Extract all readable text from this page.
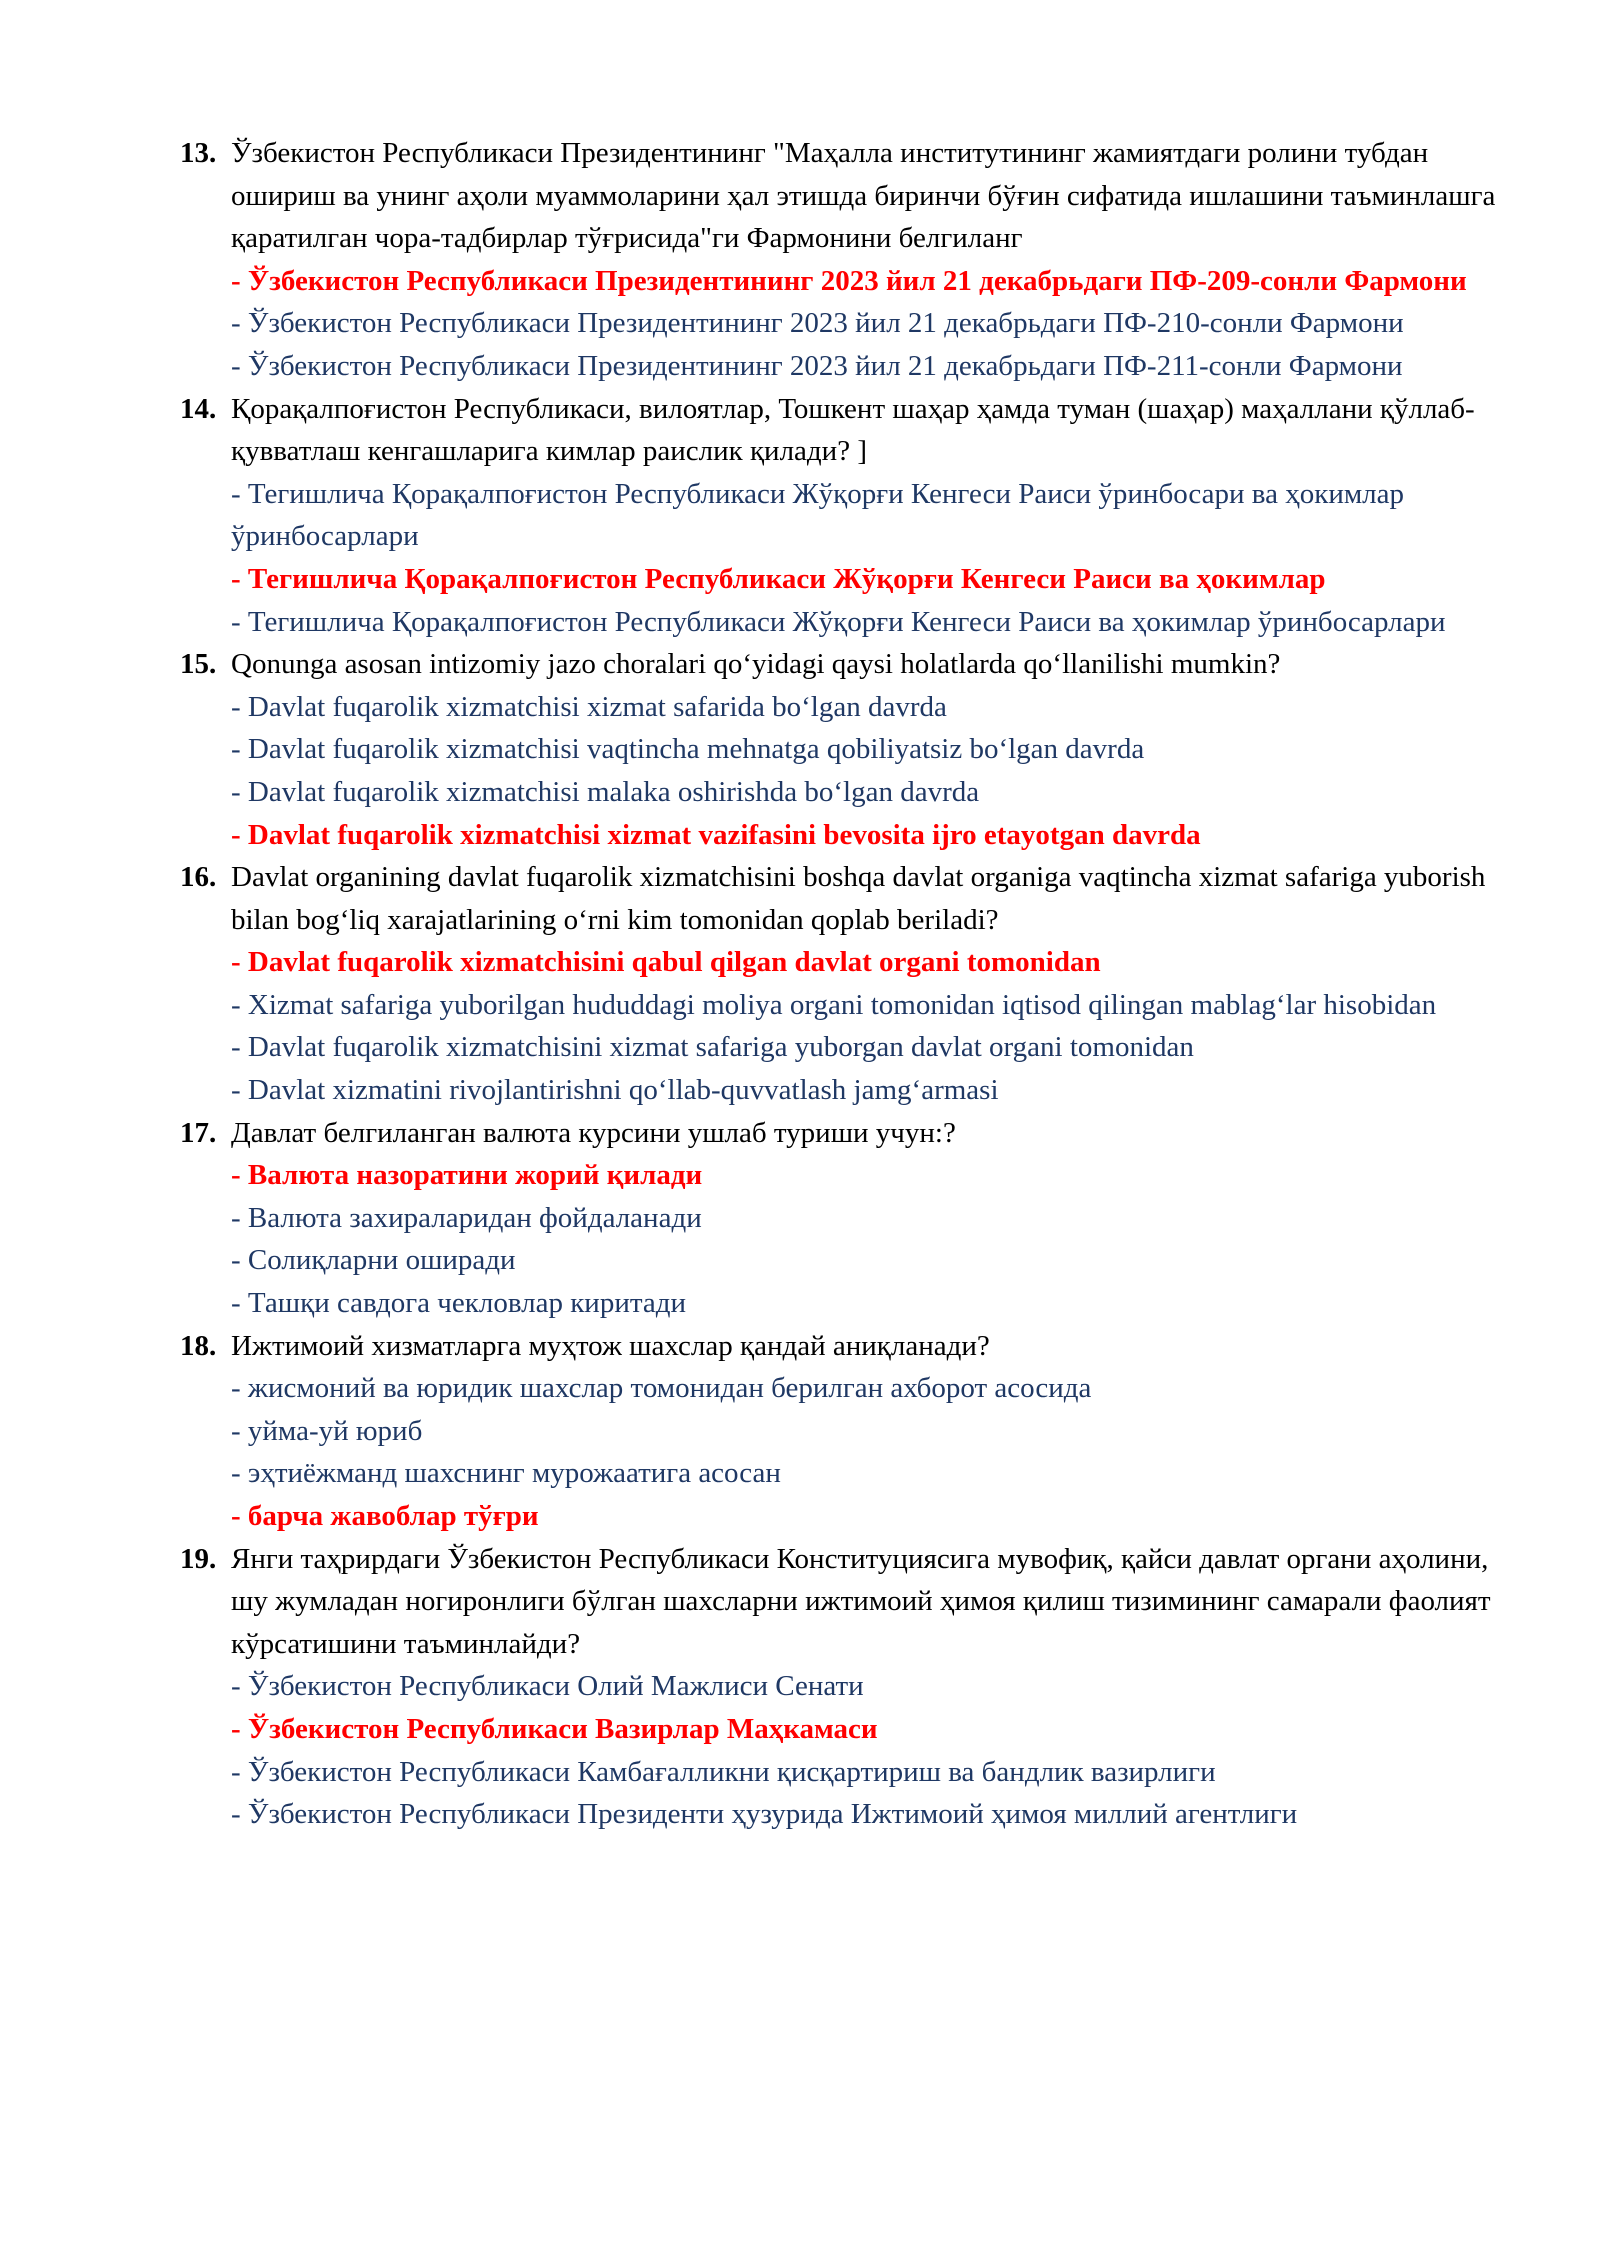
13. Ўзбекистон Республикаси Президентининг "Маҳалла институтининг жамиятдаги ролини тубдан ошириш ва унинг аҳоли муаммоларини ҳал этишда биринчи бўғин сифатида ишлашини таъминлашга қаратилган чора-тадбирлар тўғрисида"ги Фармонини белгиланг
- Ўзбекистон Республикаси Президентининг 2023 йил 21 декабрьдаги ПФ-209-сонли Фармони
- Ўзбекистон Республикаси Президентининг 2023 йил 21 декабрьдаги ПФ-210-сонли Фармони
- Ўзбекистон Республикаси Президентининг 2023 йил 21 декабрьдаги ПФ-211-сонли Фармони
14. Қорақалпоғистон Республикаси, вилоятлар, Тошкент шаҳар ҳамда туман (шаҳар) маҳаллани қўллаб-қувватлаш кенгашларига кимлар раислик қилади? ]
- Тегишлича Қорақалпоғистон Республикаси Жўқорғи Кенгеси Раиси ўринбосари ва ҳокимлар ўринбосарлари
- Тегишлича Қорақалпоғистон Республикаси Жўқорғи Кенгеси Раиси ва ҳокимлар
- Тегишлича Қорақалпоғистон Республикаси Жўқорғи Кенгеси Раиси ва ҳокимлар ўринбосарлари
15. Qonunga asosan intizomiy jazo choralari qoʻyidagi qaysi holatlarda qoʻllanilishi mumkin?
- Davlat fuqarolik xizmatchisi xizmat safarida boʻlgan davrda
- Davlat fuqarolik xizmatchisi vaqtincha mehnatga qobiliyatsiz boʻlgan davrda
- Davlat fuqarolik xizmatchisi malaka oshirishda boʻlgan davrda
- Davlat fuqarolik xizmatchisi xizmat vazifasini bevosita ijro etayotgan davrda
16. Davlat organining davlat fuqarolik xizmatchisini boshqa davlat organiga vaqtincha xizmat safariga yuborish bilan bogʻliq xarajatlarining oʻrni kim tomonidan qoplab beriladi?
- Davlat fuqarolik xizmatchisini qabul qilgan davlat organi tomonidan
- Xizmat safariga yuborilgan hududdagi moliya organi tomonidan iqtisod qilingan mablagʻlar hisobidan
- Davlat fuqarolik xizmatchisini xizmat safariga yuborgan davlat organi tomonidan
- Davlat xizmatini rivojlantirishni qoʻllab-quvvatlash jamgʻarmasi
17. Давлат белгиланган валюта курсини ушлаб туриши учун:?
- Валюта назоратини жорий қилади
- Валюта захираларидан фойдаланади
- Солиқларни оширади
- Ташқи савдога чекловлар киритади
18. Ижтимоий хизматларга муҳтож шахслар қандай аниқланади?
- жисмоний ва юридик шахслар томонидан берилган ахборот асосида
- уйма-уй юриб
- эҳтиёжманд шахснинг мурожаатига асосан
- барча жавоблар тўғри
19. Янги таҳрирдаги Ўзбекистон Республикаси Конституциясига мувофиқ, қайси давлат органи аҳолини, шу жумладан ногиронлиги бўлган шахсларни ижтимоий ҳимоя қилиш тизимининг самарали фаолият кўрсатишини таъминлайди?
- Ўзбекистон Республикаси Олий Мажлиси Сенати
- Ўзбекистон Республикаси Вазирлар Маҳкамаси
- Ўзбекистон Республикаси Камбағалликни қисқартириш ва бандлик вазирлиги
- Ўзбекистон Республикаси Президенти ҳузурида Ижтимоий ҳимоя миллий агентлиги
